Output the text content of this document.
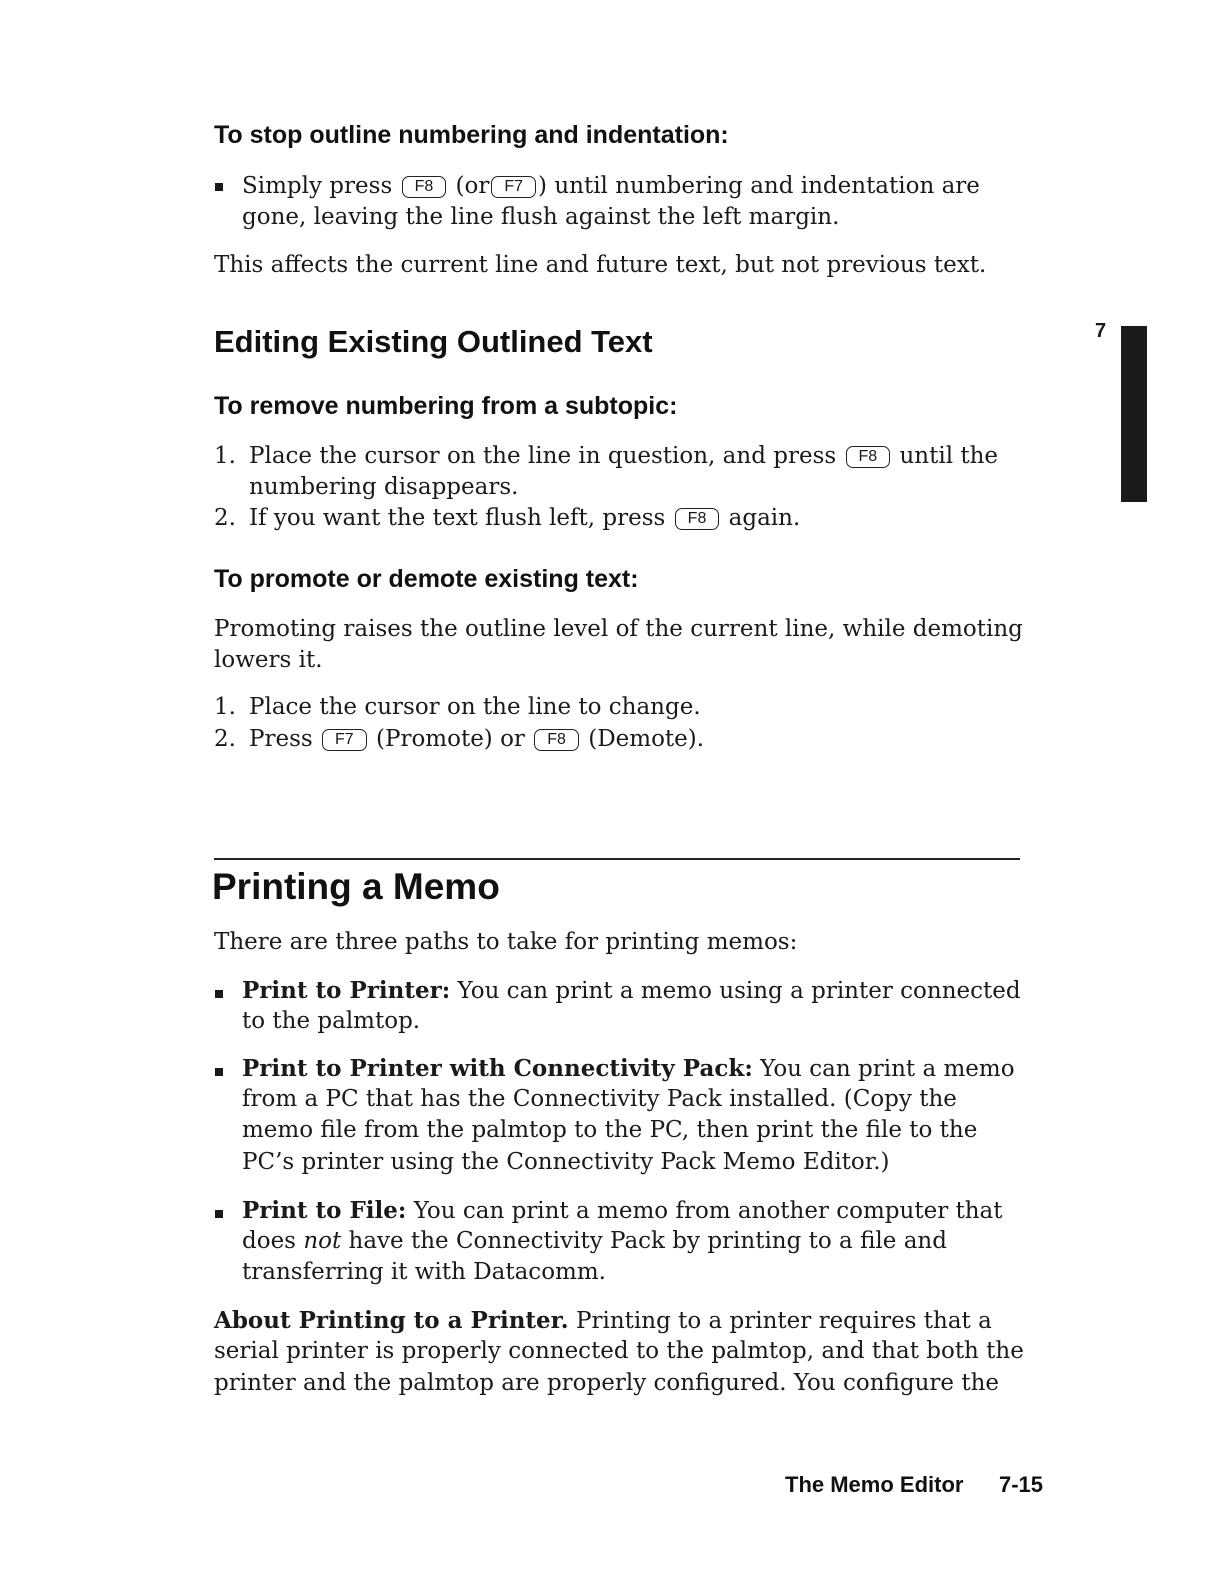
To stop outline numbering and indentation:
Simply press F8 (or F7 ) until numbering and indentation are
gone, leaving the line flush against the left margin.
This affects the current line and future text, but not previous text.
7
Editing Existing Outlined Text
To remove numbering from a subtopic:
1. Place the cursor on the line in question, and press F8 until the
numbering disappears.
2. If you want the text flush left, press F8 again.
To promote or demote existing text:
Promoting raises the outline level of the current line, while demoting
lowers it.
1. Place the cursor on the line to change.
2. Press F7 (Promote) or F8 (Demote).
Printing a Memo
There are three paths to take for printing memos:
Print to Printer: You can print a memo using a printer connected
to the palmtop.
Print to Printer with Connectivity Pack: You can print a memo
from a PC that has the Connectivity Pack installed. (Copy the
memo file from the palmtop to the PC, then print the file to the
PC’s printer using the Connectivity Pack Memo Editor.)
Print to File: You can print a memo from another computer that
does not have the Connectivity Pack by printing to a file and
transferring it with Datacomm.
About Printing to a Printer. Printing to a printer requires that a
serial printer is properly connected to the palmtop, and that both the
printer and the palmtop are properly configured. You configure the
The Memo Editor 7-15
